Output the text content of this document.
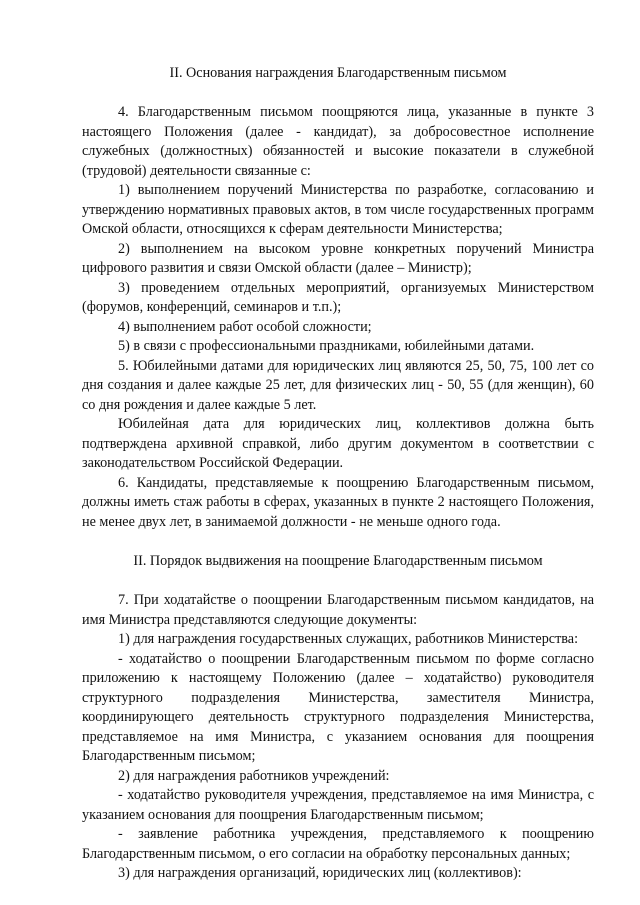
II. Основания награждения Благодарственным письмом

4. Благодарственным письмом поощряются лица, указанные в пункте 3 настоящего Положения (далее - кандидат), за добросовестное исполнение служебных (должностных) обязанностей и высокие показатели в служебной (трудовой) деятельности связанные с:

1) выполнением поручений Министерства по разработке, согласованию и утверждению нормативных правовых актов, в том числе государственных программ Омской области, относящихся к сферам деятельности Министерства;

2) выполнением на высоком уровне конкретных поручений Министра цифрового развития и связи Омской области (далее – Министр);

3) проведением отдельных мероприятий, организуемых Министерством (форумов, конференций, семинаров и т.п.);

4) выполнением работ особой сложности;

5) в связи с профессиональными праздниками, юбилейными датами.

5. Юбилейными датами для юридических лиц являются 25, 50, 75, 100 лет со дня создания и далее каждые 25 лет, для физических лиц - 50, 55 (для женщин), 60 со дня рождения и далее каждые 5 лет.

Юбилейная дата для юридических лиц, коллективов должна быть подтверждена архивной справкой, либо другим документом в соответствии с законодательством Российской Федерации.

6. Кандидаты, представляемые к поощрению Благодарственным письмом, должны иметь стаж работы в сферах, указанных в пункте 2 настоящего Положения, не менее двух лет, в занимаемой должности - не меньше одного года.

II. Порядок выдвижения на поощрение Благодарственным письмом

7. При ходатайстве о поощрении Благодарственным письмом кандидатов, на имя Министра представляются следующие документы:

1) для награждения государственных служащих, работников Министерства:

- ходатайство о поощрении Благодарственным письмом по форме согласно приложению к настоящему Положению (далее – ходатайство) руководителя структурного подразделения Министерства, заместителя Министра, координирующего деятельность структурного подразделения Министерства, представляемое на имя Министра, с указанием основания для поощрения Благодарственным письмом;

2) для награждения работников учреждений:

- ходатайство руководителя учреждения, представляемое на имя Министра, с указанием основания для поощрения Благодарственным письмом;

- заявление работника учреждения, представляемого к поощрению Благодарственным письмом, о его согласии на обработку персональных данных;

3) для награждения организаций, юридических лиц (коллективов):
